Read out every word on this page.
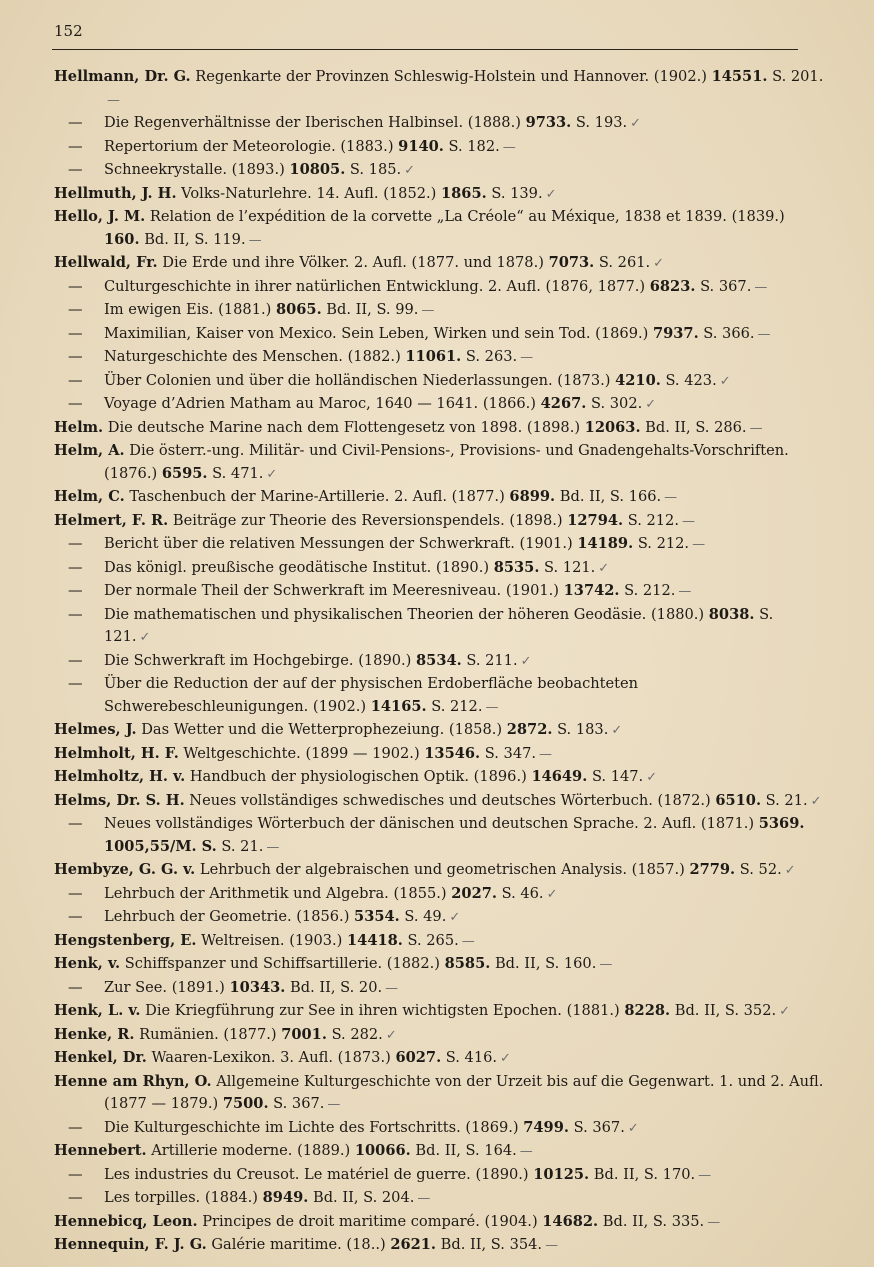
152
Hellmann, Dr. G. Regenkarte der Provinzen Schleswig-Holstein und Hannover. (1902.) 14551. S. 201.—
— Die Regenverhältnisse der Iberischen Halbinsel. (1888.) 9733. S. 193. ✓
— Repertorium der Meteorologie. (1883.) 9140. S. 182. —
— Schneekrystalle. (1893.) 10805. S. 185. ✓
Hellmuth, J. H. Volks-Naturlehre. 14. Aufl. (1852.) 1865. S. 139. ✓
Hello, J. M. Relation de l’expédition de la corvette „La Créole“ au Méxique, 1838 et 1839. (1839.) 160. Bd. II, S. 119. —
Hellwald, Fr. Die Erde und ihre Völker. 2. Aufl. (1877. und 1878.) 7073. S. 261. ✓
— Culturgeschichte in ihrer natürlichen Entwicklung. 2. Aufl. (1876, 1877.) 6823. S. 367. —
— Im ewigen Eis. (1881.) 8065. Bd. II, S. 99. —
— Maximilian, Kaiser von Mexico. Sein Leben, Wirken und sein Tod. (1869.) 7937. S. 366. —
— Naturgeschichte des Menschen. (1882.) 11061. S. 263. —
— Über Colonien und über die holländischen Niederlassungen. (1873.) 4210. S. 423. ✓
— Voyage d’Adrien Matham au Maroc, 1640 — 1641. (1866.) 4267. S. 302. ✓
Helm. Die deutsche Marine nach dem Flottengesetz von 1898. (1898.) 12063. Bd. II, S. 286. —
Helm, A. Die österr.-ung. Militär- und Civil-Pensions-, Provisions- und Gnadengehalts-Vorschriften. (1876.) 6595. S. 471. ✓
Helm, C. Taschenbuch der Marine-Artillerie. 2. Aufl. (1877.) 6899. Bd. II, S. 166. —
Helmert, F. R. Beiträge zur Theorie des Reversionspendels. (1898.) 12794. S. 212. —
— Bericht über die relativen Messungen der Schwerkraft. (1901.) 14189. S. 212. —
— Das königl. preußische geodätische Institut. (1890.) 8535. S. 121. ✓
— Der normale Theil der Schwerkraft im Meeresniveau. (1901.) 13742. S. 212. —
— Die mathematischen und physikalischen Theorien der höheren Geodäsie. (1880.) 8038. S. 121. ✓
— Die Schwerkraft im Hochgebirge. (1890.) 8534. S. 211. ✓
— Über die Reduction der auf der physischen Erdoberfläche beobachteten Schwerebeschleunigungen. (1902.) 14165. S. 212. —
Helmes, J. Das Wetter und die Wetterprophezeiung. (1858.) 2872. S. 183. ✓
Helmholt, H. F. Weltgeschichte. (1899 — 1902.) 13546. S. 347. —
Helmholtz, H. v. Handbuch der physiologischen Optik. (1896.) 14649. S. 147. ✓
Helms, Dr. S. H. Neues vollständiges schwedisches und deutsches Wörterbuch. (1872.) 6510. S. 21. ✓
— Neues vollständiges Wörterbuch der dänischen und deutschen Sprache. 2. Aufl. (1871.) 5369. 1005,55/M. S. S. 21. —
Hembyze, G. G. v. Lehrbuch der algebraischen und geometrischen Analysis. (1857.) 2779. S. 52. ✓
— Lehrbuch der Arithmetik und Algebra. (1855.) 2027. S. 46. ✓
— Lehrbuch der Geometrie. (1856.) 5354. S. 49. ✓
Hengstenberg, E. Weltreisen. (1903.) 14418. S. 265. —
Henk, v. Schiffspanzer und Schiffsartillerie. (1882.) 8585. Bd. II, S. 160. —
— Zur See. (1891.) 10343. Bd. II, S. 20. —
Henk, L. v. Die Kriegführung zur See in ihren wichtigsten Epochen. (1881.) 8228. Bd. II, S. 352. ✓
Henke, R. Rumänien. (1877.) 7001. S. 282. ✓
Henkel, Dr. Waaren-Lexikon. 3. Aufl. (1873.) 6027. S. 416. ✓
Henne am Rhyn, O. Allgemeine Kulturgeschichte von der Urzeit bis auf die Gegenwart. 1. und 2. Aufl. (1877 — 1879.) 7500. S. 367. —
— Die Kulturgeschichte im Lichte des Fortschritts. (1869.) 7499. S. 367. ✓
Hennebert. Artillerie moderne. (1889.) 10066. Bd. II, S. 164. —
— Les industries du Creusot. Le matériel de guerre. (1890.) 10125. Bd. II, S. 170. —
— Les torpilles. (1884.) 8949. Bd. II, S. 204. —
Hennebicq, Leon. Principes de droit maritime comparé. (1904.) 14682. Bd. II, S. 335. —
Hennequin, F. J. G. Galérie maritime. (18..) 2621. Bd. II, S. 354. —
